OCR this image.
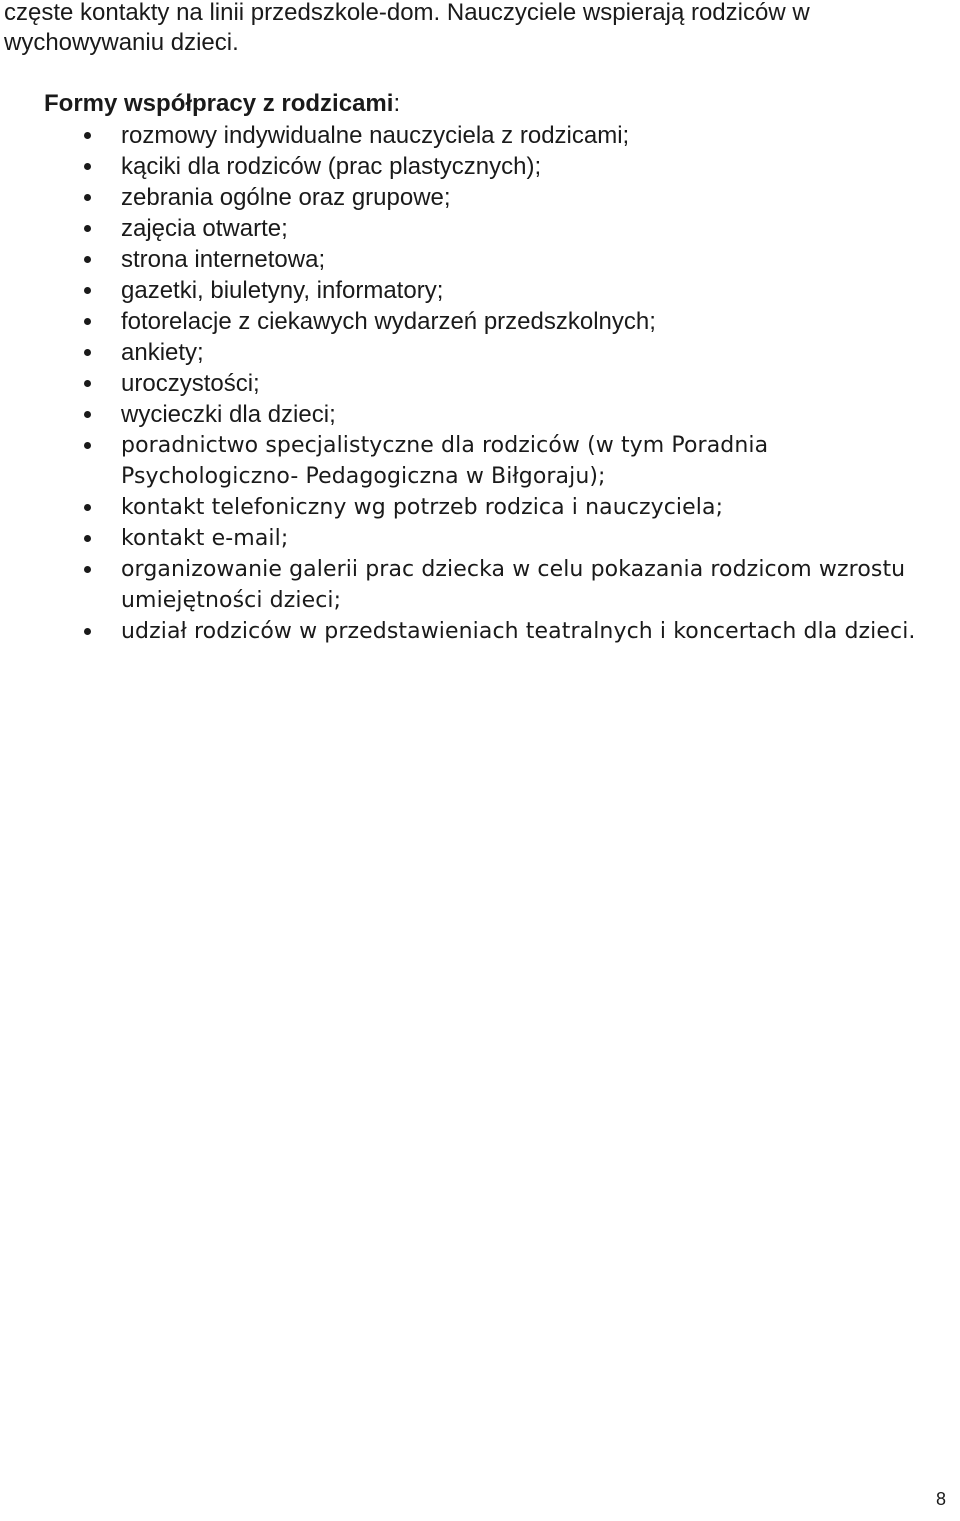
częste kontakty na linii przedszkole-dom. Nauczyciele wspierają rodziców w

wychowywaniu dzieci.

Formy współpracy z rodzicami:
rozmowy indywidualne nauczyciela z rodzicami;
kąciki dla rodziców (prac plastycznych);
zebrania ogólne oraz grupowe;
zajęcia otwarte;
strona internetowa;
gazetki, biuletyny, informatory;
fotorelacje z ciekawych wydarzeń przedszkolnych;
ankiety;
uroczystości;
wycieczki dla dzieci;
poradnictwo specjalistyczne dla rodziców (w tym Poradnia
Psychologiczno- Pedagogiczna w Biłgoraju);
kontakt telefoniczny wg potrzeb rodzica i nauczyciela;
kontakt e-mail;
organizowanie galerii prac dziecka w celu pokazania rodzicom wzrostu
umiejętności dzieci;
udział rodziców w przedstawieniach teatralnych i koncertach dla dzieci.
8
